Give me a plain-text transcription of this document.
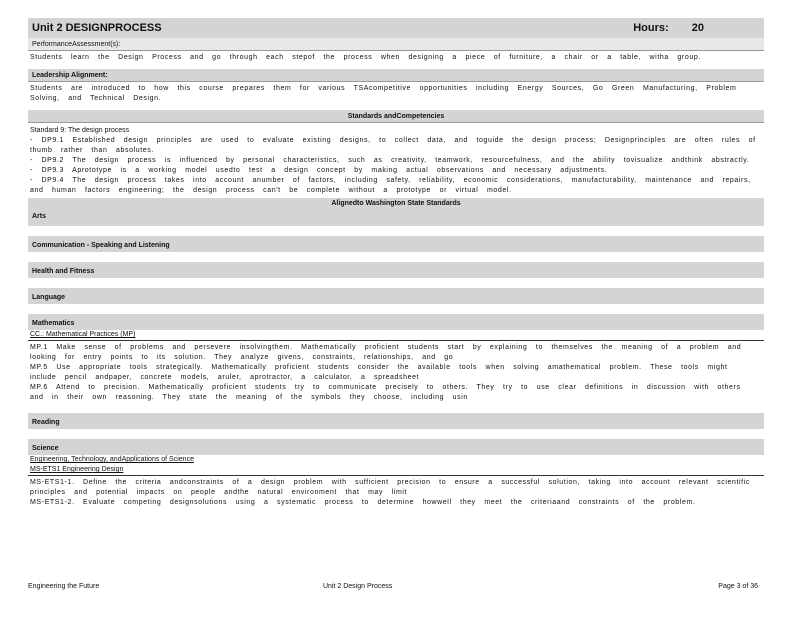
Unit 2 DESIGNPROCESS	Hours: 20
PerformanceAssessment(s):
Students learn the Design Process and go through each stepof the process when designing a piece of furniture, a chair or a table, witha group.
Leadership Alignment:
Students are introduced to how this course prepares them for various TSAcompetitive opportunities including Energy Sources, Go Green Manufacturing, Problem Solving, and Technical Design.
Standards andCompetencies
Standard 9: The design process
- DP9.1 Established design principles are used to evaluate existing designs, to collect data, and toguide the design process; Designprinciples are often rules of thumb rather than absolutes.
- DP9.2 The design process is influenced by personal characteristics, such as creativity, teamwork, resourcefulness, and the ability tovisualize andthink abstractly.
- DP9.3 Aprototype is a working model usedto test a design concept by making actual observations and necessary adjustments.
- DP9.4 The design process takes into account anumber of factors, including safety, reliability, economic considerations, manufacturability, maintenance and repairs, and human factors engineering; the design process can't be complete without a prototype or virtual model.
Alignedto Washington State Standards
Arts
Communication - Speaking and Listening
Health and Fitness
Language
Mathematics
CC.: Mathematical Practices (MP)
MP.1 Make sense of problems and persevere insolvingthem. Mathematically proficient students start by explaining to themselves the meaning of a problem and looking for entry points to its solution. They analyze givens, constraints, relationships, and go
MP.5 Use appropriate tools strategically. Mathematically proficient students consider the available tools when solving amathematical problem. These tools might include pencil andpaper, concrete models, aruler, aprotractor, a calculator, a spreadsheet
MP.6 Attend to precision. Mathematically proficient students try to communicate precisely to others. They try to use clear definitions in discussion with others and in their own reasoning. They state the meaning of the symbols they choose, including usin
Reading
Science
Engineering, Technology, andApplications of Science
MS-ETS1 Engineering Design
MS-ETS1-1. Define the criteria andconstraints of a design problem with sufficient precision to ensure a successful solution, taking into account relevant scientific principles and potential impacts on people andthe natural environment that may limit
MS-ETS1-2. Evaluate competing designsolutions using a systematic process to determine howwell they meet the criteriaand constraints of the problem.
Engineering the Future	Unit 2 Design Process	Page 3 of 36
